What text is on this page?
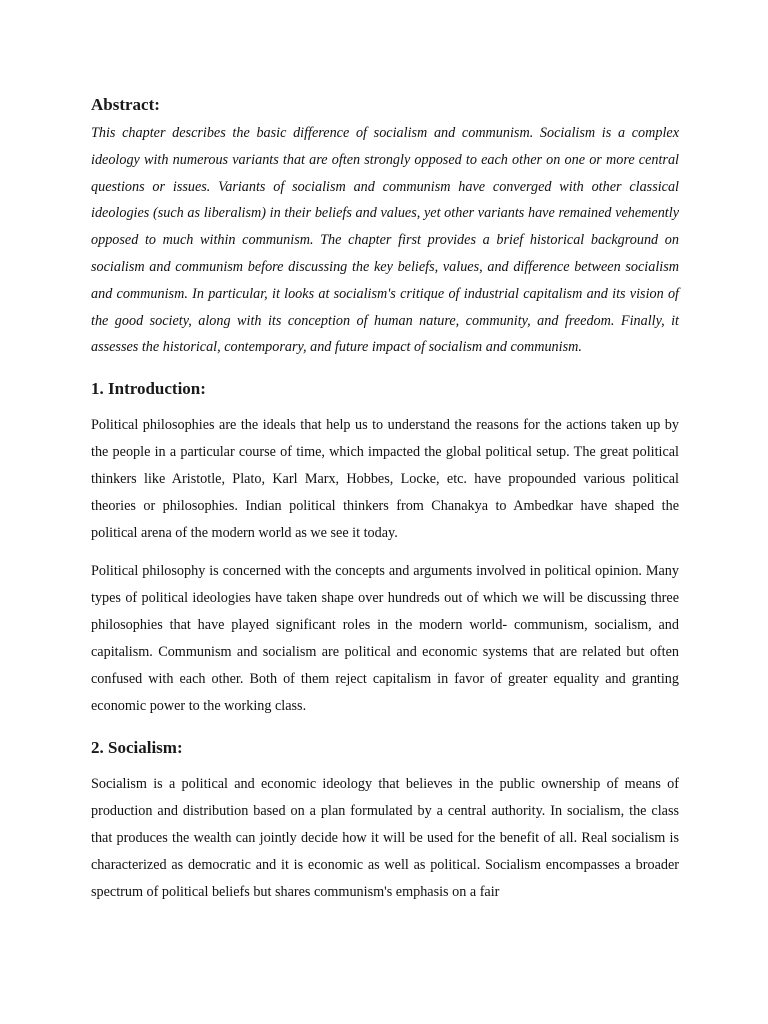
Abstract:

This chapter describes the basic difference of socialism and communism. Socialism is a complex ideology with numerous variants that are often strongly opposed to each other on one or more central questions or issues. Variants of socialism and communism have converged with other classical ideologies (such as liberalism) in their beliefs and values, yet other variants have remained vehemently opposed to much within communism. The chapter first provides a brief historical background on socialism and communism before discussing the key beliefs, values, and difference between socialism and communism. In particular, it looks at socialism's critique of industrial capitalism and its vision of the good society, along with its conception of human nature, community, and freedom. Finally, it assesses the historical, contemporary, and future impact of socialism and communism.

1. Introduction:

Political philosophies are the ideals that help us to understand the reasons for the actions taken up by the people in a particular course of time, which impacted the global political setup. The great political thinkers like Aristotle, Plato, Karl Marx, Hobbes, Locke, etc. have propounded various political theories or philosophies. Indian political thinkers from Chanakya to Ambedkar have shaped the political arena of the modern world as we see it today.

Political philosophy is concerned with the concepts and arguments involved in political opinion. Many types of political ideologies have taken shape over hundreds out of which we will be discussing three philosophies that have played significant roles in the modern world- communism, socialism, and capitalism. Communism and socialism are political and economic systems that are related but often confused with each other. Both of them reject capitalism in favor of greater equality and granting economic power to the working class.

2. Socialism:

Socialism is a political and economic ideology that believes in the public ownership of means of production and distribution based on a plan formulated by a central authority. In socialism, the class that produces the wealth can jointly decide how it will be used for the benefit of all. Real socialism is characterized as democratic and it is economic as well as political. Socialism encompasses a broader spectrum of political beliefs but shares communism's emphasis on a fair
